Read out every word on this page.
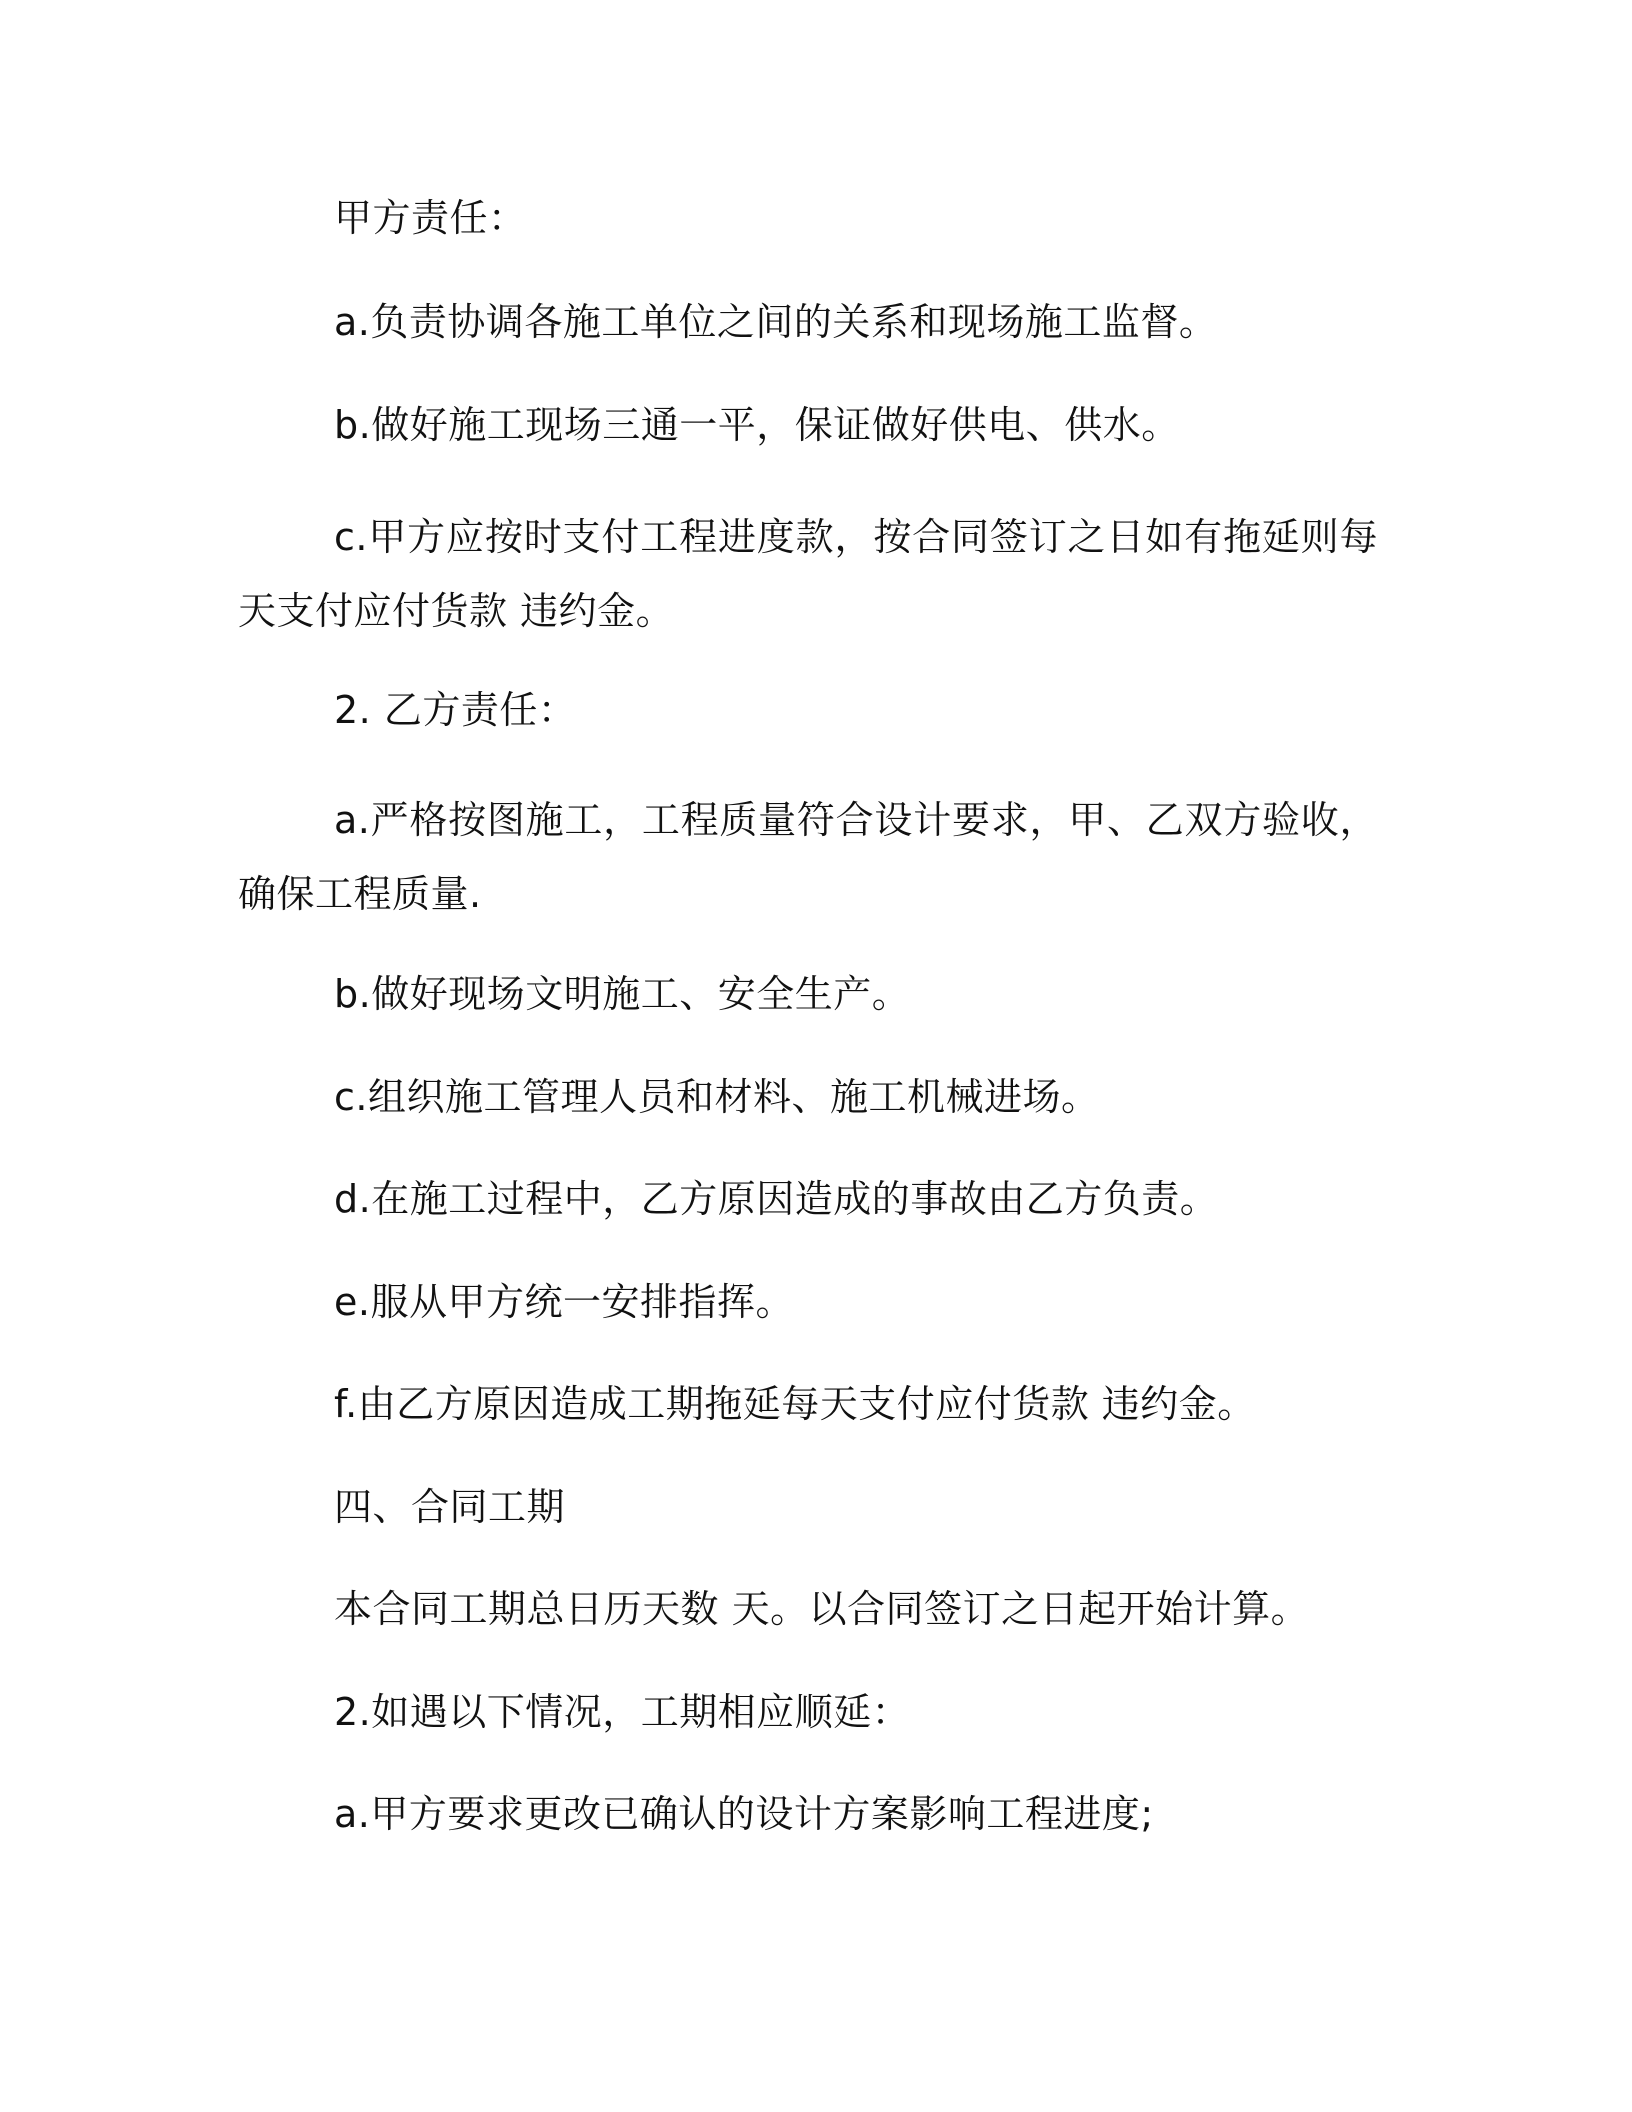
甲方责任：
a.负责协调各施工单位之间的关系和现场施工监督。
b.做好施工现场三通一平，保证做好供电、供水。
c.甲方应按时支付工程进度款，按合同签订之日如有拖延则每天支付应付货款 违约金。
2. 乙方责任：
a.严格按图施工，工程质量符合设计要求，甲、乙双方验收，确保工程质量.
b.做好现场文明施工、安全生产。
c.组织施工管理人员和材料、施工机械进场。
d.在施工过程中，乙方原因造成的事故由乙方负责。
e.服从甲方统一安排指挥。
f.由乙方原因造成工期拖延每天支付应付货款 违约金。
四、合同工期
本合同工期总日历天数 天。以合同签订之日起开始计算。
2.如遇以下情况，工期相应顺延：
a.甲方要求更改已确认的设计方案影响工程进度;
